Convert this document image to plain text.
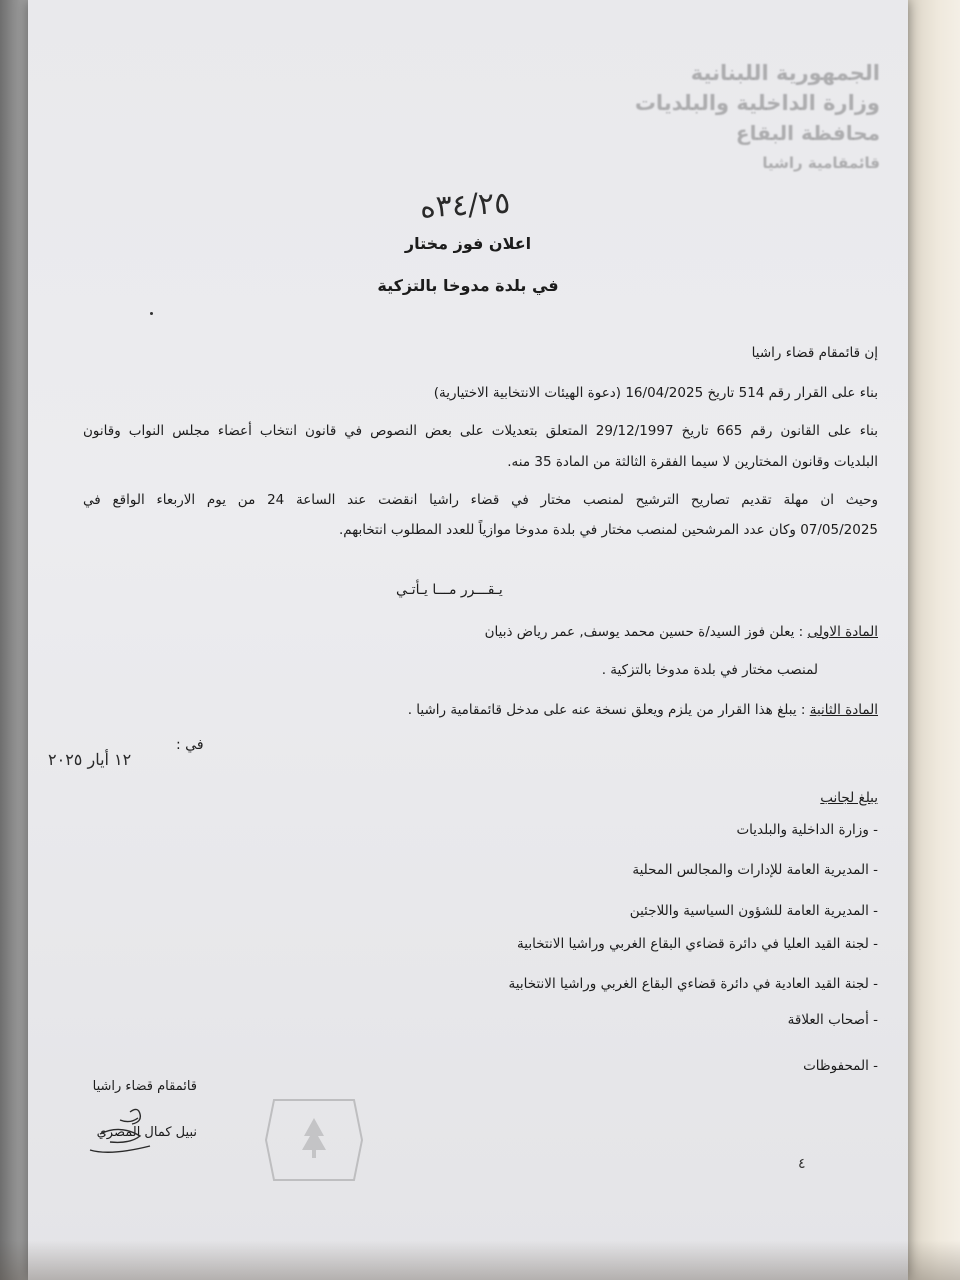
الجمهورية اللبنانية
وزارة الداخلية والبلديات
محافظة البقاع
قائمقامية راشيا
٣٤/٢٥ه
اعلان فوز مختار
في بلدة مدوخا بالتزكية
إن قائمقام قضاء راشيا
بناء على القرار رقم 514 تاريخ 16/04/2025 (دعوة الهيئات الانتخابية الاختيارية)
بناء على القانون رقم 665 تاريخ 29/12/1997 المتعلق بتعديلات على بعض النصوص في قانون انتخاب أعضاء مجلس النواب وقانون
البلديات وقانون المختارين لا سيما الفقرة الثالثة من المادة 35 منه.
وحيث ان مهلة تقديم تصاريح الترشيح لمنصب مختار في قضاء راشيا انقضت عند الساعة 24 من يوم الاربعاء الواقع في
07/05/2025 وكان عدد المرشحين لمنصب مختار في بلدة مدوخا موازياً للعدد المطلوب انتخابهم.
يـقـــرر مـــا يـأتـي
المادة الاولى : يعلن فوز السيد/ة حسين محمد يوسف, عمر رياض ذبيان
لمنصب مختار في بلدة مدوخا بالتزكية .
المادة الثانية : يبلغ هذا القرار من يلزم ويعلق نسخة عنه على مدخل قائمقامية راشيا .
في :
١٢ أيار ٢٠٢٥
يبلغ لجانب
- وزارة الداخلية والبلديات
- المديرية العامة للإدارات والمجالس المحلية
- المديرية العامة للشؤون السياسية واللاجئين
- لجنة القيد العليا في دائرة قضاءي البقاع الغربي وراشيا الانتخابية
- لجنة القيد العادية في دائرة قضاءي البقاع الغربي وراشيا الانتخابية
- أصحاب العلاقة
- المحفوظات
قائمقام قضاء راشيا
نبيل كمال المصري
٤
